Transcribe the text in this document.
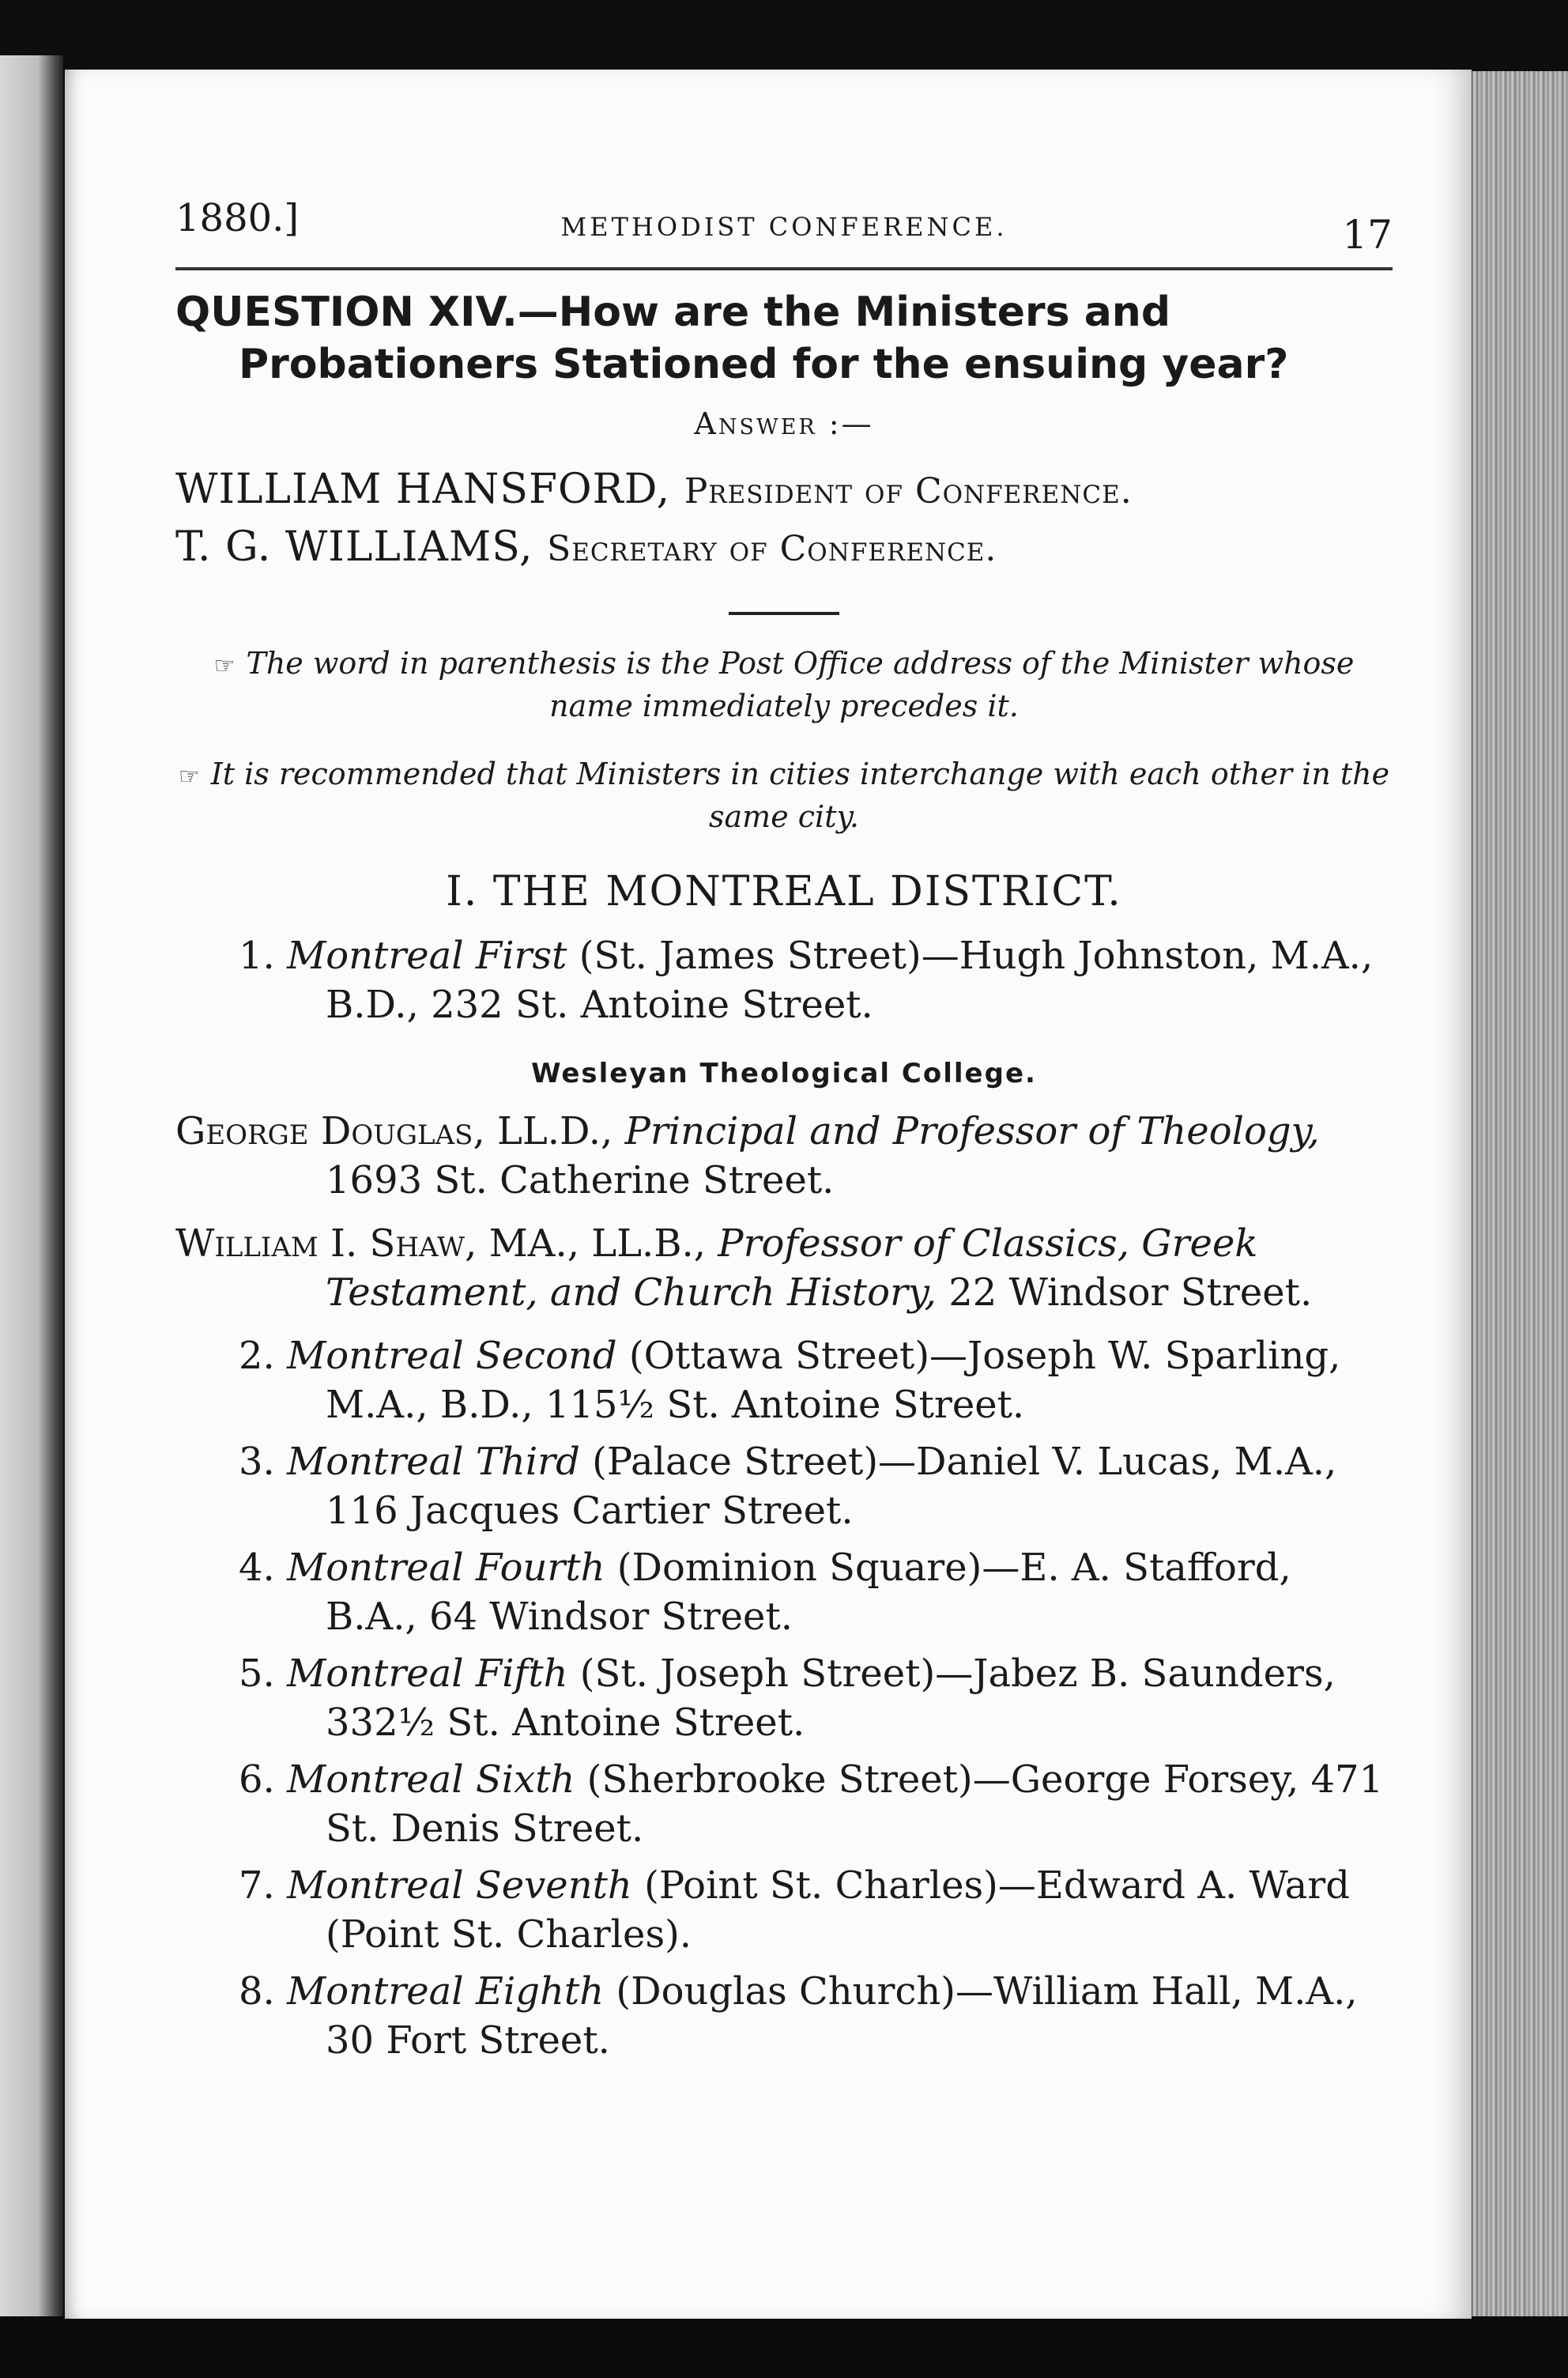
1880.]	METHODIST CONFERENCE.	17
QUESTION XIV.—How are the Ministers and Probationers Stationed for the ensuing year?
Answer :—
WILLIAM HANSFORD, President of Conference.
T. G. WILLIAMS, Secretary of Conference.
☞ The word in parenthesis is the Post Office address of the Minister whose name immediately precedes it.
☞ It is recommended that Ministers in cities interchange with each other in the same city.
I. THE MONTREAL DISTRICT.
1. Montreal First (St. James Street)—Hugh Johnston, M.A., B.D., 232 St. Antoine Street.
Wesleyan Theological College.
George Douglas, LL.D., Principal and Professor of Theology, 1693 St. Catherine Street.
William I. Shaw, MA., LL.B., Professor of Classics, Greek Testament, and Church History, 22 Windsor Street.
2. Montreal Second (Ottawa Street)—Joseph W. Sparling, M.A., B.D., 115½ St. Antoine Street.
3. Montreal Third (Palace Street)—Daniel V. Lucas, M.A., 116 Jacques Cartier Street.
4. Montreal Fourth (Dominion Square)—E. A. Stafford, B.A., 64 Windsor Street.
5. Montreal Fifth (St. Joseph Street)—Jabez B. Saunders, 332½ St. Antoine Street.
6. Montreal Sixth (Sherbrooke Street)—George Forsey, 471 St. Denis Street.
7. Montreal Seventh (Point St. Charles)—Edward A. Ward (Point St. Charles).
8. Montreal Eighth (Douglas Church)—William Hall, M.A., 30 Fort Street.
